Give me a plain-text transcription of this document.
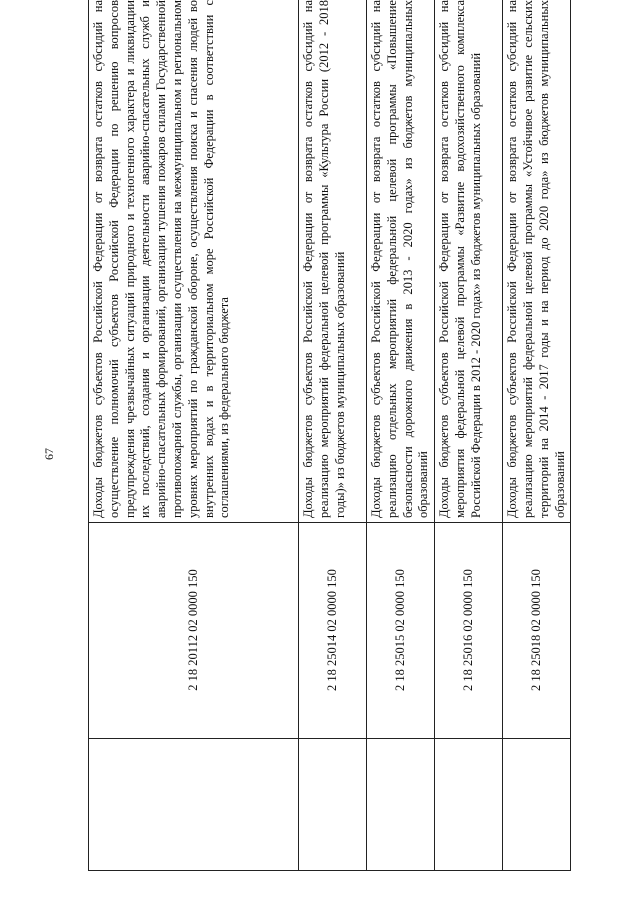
67
	2 18 20112 02 0000 150	Доходы бюджетов субъектов Российской Федерации от возврата остатков субсидий на осуществление полномочий субъектов Российской Федерации по решению вопросов предупреждения чрезвычайных ситуаций природного и техногенного характера и ликвидации их последствий, создания и организации деятельности аварийно-спасательных служб и аварийно-спасательных формирований, организации тушения пожаров силами Государственной противопожарной службы, организации осуществления на межмуниципальном и региональном уровнях мероприятий по гражданской обороне, осуществления поиска и спасения людей во внутренних водах и в территориальном море Российской Федерации в соответствии с соглашениями, из федерального бюджета
	2 18 25014 02 0000 150	Доходы бюджетов субъектов Российской Федерации от возврата остатков субсидий на реализацию мероприятий федеральной целевой программы «Культура России (2012 - 2018 годы)» из бюджетов муниципальных образований
	2 18 25015 02 0000 150	Доходы бюджетов субъектов Российской Федерации от возврата остатков субсидий на реализацию отдельных мероприятий федеральной целевой программы «Повышение безопасности дорожного движения в 2013 - 2020 годах» из бюджетов муниципальных образований
	2 18 25016 02 0000 150	Доходы бюджетов субъектов Российской Федерации от возврата остатков субсидий на мероприятия федеральной целевой программы «Развитие водохозяйственного комплекса Российской Федерации в 2012 - 2020 годах» из бюджетов муниципальных образований
	2 18 25018 02 0000 150	Доходы бюджетов субъектов Российской Федерации от возврата остатков субсидий на реализацию мероприятий федеральной целевой программы «Устойчивое развитие сельских территорий на 2014 - 2017 годы и на период до 2020 года» из бюджетов муниципальных образований
